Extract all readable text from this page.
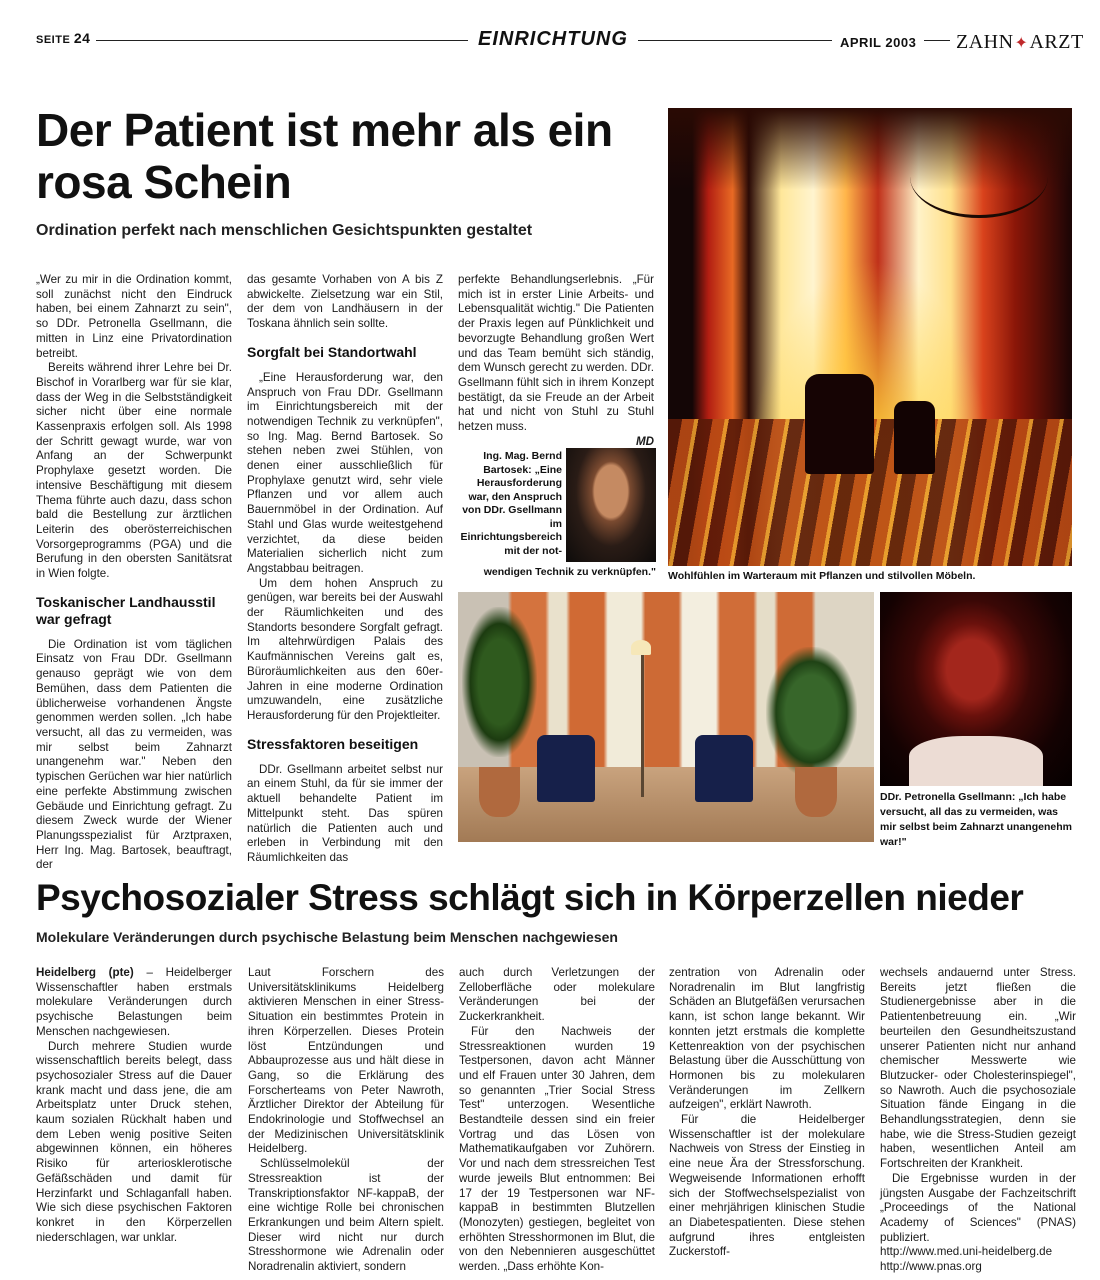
SEITE 24	EINRICHTUNG	APRIL 2003	ZAHN✦ARZT
Der Patient ist mehr als ein rosa Schein
Ordination perfekt nach menschlichen Gesichtspunkten gestaltet

„Wer zu mir in die Ordination kommt, soll zunächst nicht den Eindruck haben, bei einem Zahnarzt zu sein", so DDr. Petronella Gsellmann, die mitten in Linz eine Privatordination betreibt.

Bereits während ihrer Lehre bei Dr. Bischof in Vorarlberg war für sie klar, dass der Weg in die Selbstständigkeit sicher nicht über eine normale Kassenpraxis erfolgen soll. Als 1998 der Schritt gewagt wurde, war von Anfang an der Schwerpunkt Prophylaxe gesetzt worden. Die intensive Beschäftigung mit diesem Thema führte auch dazu, dass schon bald die Bestellung zur ärztlichen Leiterin des oberösterreichischen Vorsorgeprogramms (PGA) und die Berufung in den obersten Sanitätsrat in Wien folgte.

Toskanischer Landhausstil war gefragt

Die Ordination ist vom täglichen Einsatz von Frau DDr. Gsellmann genauso geprägt wie von dem Bemühen, dass dem Patienten die üblicherweise vorhandenen Ängste genommen werden sollen. „Ich habe versucht, all das zu vermeiden, was mir selbst beim Zahnarzt unangenehm war." Neben den typischen Gerüchen war hier natürlich eine perfekte Abstimmung zwischen Gebäude und Einrichtung gefragt. Zu diesem Zweck wurde der Wiener Planungsspezialist für Arztpraxen, Herr Ing. Mag. Bartosek, beauftragt, der

das gesamte Vorhaben von A bis Z abwickelte. Zielsetzung war ein Stil, der dem von Landhäusern in der Toskana ähnlich sein sollte.

Sorgfalt bei Standortwahl

„Eine Herausforderung war, den Anspruch von Frau DDr. Gsellmann im Einrichtungsbereich mit der notwendigen Technik zu verknüpfen", so Ing. Mag. Bernd Bartosek. So stehen neben zwei Stühlen, von denen einer ausschließlich für Prophylaxe genutzt wird, sehr viele Pflanzen und vor allem auch Bauernmöbel in der Ordination. Auf Stahl und Glas wurde weitestgehend verzichtet, da diese beiden Materialien sicherlich nicht zum Angstabbau beitragen.

Um dem hohen Anspruch zu genügen, war bereits bei der Auswahl der Räumlichkeiten und des Standorts besondere Sorgfalt gefragt. Im altehrwürdigen Palais des Kaufmännischen Vereins galt es, Büroräumlichkeiten aus den 60er-Jahren in eine moderne Ordination umzuwandeln, eine zusätzliche Herausforderung für den Projektleiter.

Stressfaktoren beseitigen

DDr. Gsellmann arbeitet selbst nur an einem Stuhl, da für sie immer der aktuell behandelte Patient im Mittelpunkt steht. Das spüren natürlich die Patienten auch und erleben in Verbindung mit den Räumlichkeiten das

perfekte Behandlungserlebnis. „Für mich ist in erster Linie Arbeits- und Lebensqualität wichtig." Die Patienten der Praxis legen auf Pünklichkeit und bevorzugte Behandlung großen Wert und das Team bemüht sich ständig, dem Wunsch gerecht zu werden. DDr. Gsellmann fühlt sich in ihrem Konzept bestätigt, da sie Freude an der Arbeit hat und nicht von Stuhl zu Stuhl hetzen muss.

MD

Ing. Mag. Bernd Bartosek: „Eine Herausforderung war, den Anspruch von DDr. Gsellmann im Einrichtungsbereich mit der not-
wendigen Technik zu verknüpfen." Wohlfühlen im Warteraum mit Pflanzen und stilvollen Möbeln.
DDr. Petronella Gsellmann: „Ich habe versucht, all das zu vermeiden, was mir selbst beim Zahnarzt unangenehm war!"
Psychosozialer Stress schlägt sich in Körperzellen nieder
Molekulare Veränderungen durch psychische Belastung beim Menschen nachgewiesen

Heidelberg (pte) – Heidelberger Wissenschaftler haben erstmals molekulare Veränderungen durch psychische Belastungen beim Menschen nachgewiesen.

Durch mehrere Studien wurde wissenschaftlich bereits belegt, dass psychosozialer Stress auf die Dauer krank macht und dass jene, die am Arbeitsplatz unter Druck stehen, kaum sozialen Rückhalt haben und dem Leben wenig positive Seiten abgewinnen können, ein höheres Risiko für arteriosklerotische Gefäßschäden und damit für Herzinfarkt und Schlaganfall haben. Wie sich diese psychischen Faktoren konkret in den Körperzellen niederschlagen, war unklar.

Laut Forschern des Universitätsklinikums Heidelberg aktivieren Menschen in einer Stress-Situation ein bestimmtes Protein in ihren Körperzellen. Dieses Protein löst Entzündungen und Abbauprozesse aus und hält diese in Gang, so die Erklärung des Forscherteams von Peter Nawroth, Ärztlicher Direktor der Abteilung für Endokrinologie und Stoffwechsel an der Medizinischen Universitätsklinik Heidelberg.

Schlüsselmolekül der Stressreaktion ist der Transkriptionsfaktor NF-kappaB, der eine wichtige Rolle bei chronischen Erkrankungen und beim Altern spielt. Dieser wird nicht nur durch Stresshormone wie Adrenalin oder Noradrenalin aktiviert, sondern

auch durch Verletzungen der Zelloberfläche oder molekulare Veränderungen bei der Zuckerkrankheit.

Für den Nachweis der Stressreaktionen wurden 19 Testpersonen, davon acht Männer und elf Frauen unter 30 Jahren, dem so genannten „Trier Social Stress Test" unterzogen. Wesentliche Bestandteile dessen sind ein freier Vortrag und das Lösen von Mathematikaufgaben vor Zuhörern. Vor und nach dem stressreichen Test wurde jeweils Blut entnommen: Bei 17 der 19 Testpersonen war NF-kappaB in bestimmten Blutzellen (Monozyten) gestiegen, begleitet von erhöhten Stresshormonen im Blut, die von den Nebennieren ausgeschüttet werden. „Dass erhöhte Kon-

zentration von Adrenalin oder Noradrenalin im Blut langfristig Schäden an Blutgefäßen verursachen kann, ist schon lange bekannt. Wir konnten jetzt erstmals die komplette Kettenreaktion von der psychischen Belastung über die Ausschüttung von Hormonen bis zu molekularen Veränderungen im Zellkern aufzeigen", erklärt Nawroth.

Für die Heidelberger Wissenschaftler ist der molekulare Nachweis von Stress der Einstieg in eine neue Ära der Stressforschung. Wegweisende Informationen erhofft sich der Stoffwechselspezialist von einer mehrjährigen klinischen Studie an Diabetespatienten. Diese stehen aufgrund ihres entgleisten Zuckerstoff-

wechsels andauernd unter Stress. Bereits jetzt fließen die Studienergebnisse aber in die Patientenbetreuung ein. „Wir beurteilen den Gesundheitszustand unserer Patienten nicht nur anhand chemischer Messwerte wie Blutzucker- oder Cholesterinspiegel", so Nawroth. Auch die psychosoziale Situation fände Eingang in die Behandlungsstrategien, denn sie habe, wie die Stress-Studien gezeigt haben, wesentlichen Anteil am Fortschreiten der Krankheit.

Die Ergebnisse wurden in der jüngsten Ausgabe der Fachzeitschrift „Proceedings of the National Academy of Sciences" (PNAS) publiziert.

http://www.med.uni-heidelberg.de

http://www.pnas.org
